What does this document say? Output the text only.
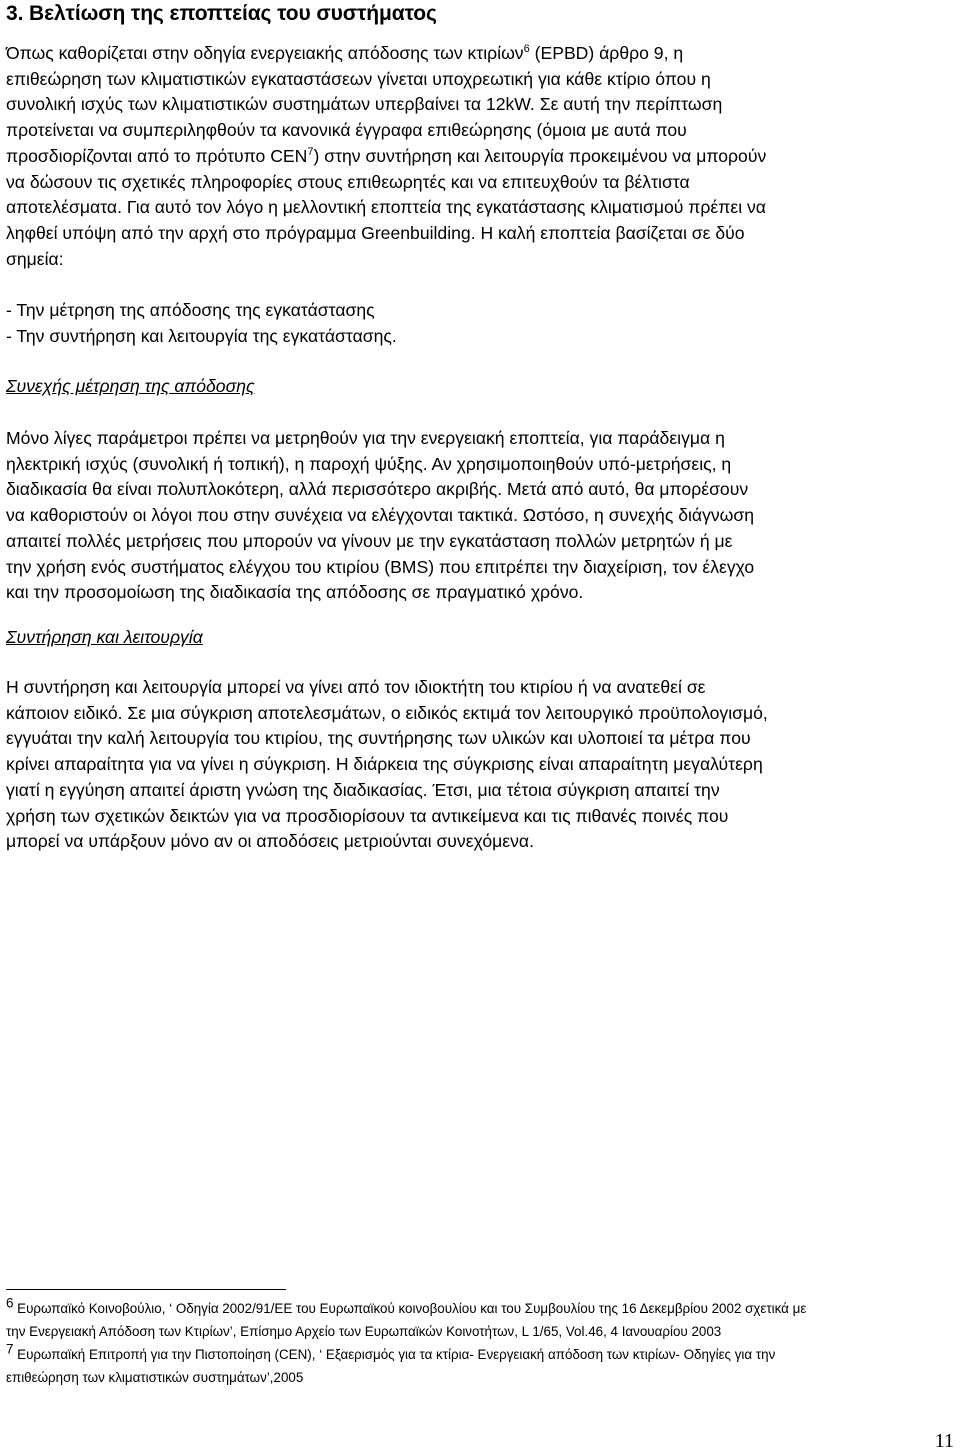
3. Βελτίωση της εποπτείας του συστήματος

Όπως καθορίζεται στην οδηγία ενεργειακής απόδοσης των κτιρίων$^6$ (EPBD) άρθρο 9, η
επιθεώρηση των κλιματιστικών εγκαταστάσεων γίνεται υποχρεωτική για κάθε κτίριο όπου η
συνολική ισχύς των κλιματιστικών συστημάτων υπερβαίνει τα 12kW. Σε αυτή την περίπτωση
προτείνεται να συμπεριληφθούν τα κανονικά έγγραφα επιθεώρησης (όμοια με αυτά που
προσδιορίζονται από το πρότυπο CEN$^7$) στην συντήρηση και λειτουργία προκειμένου να μπορούν
να δώσουν τις σχετικές πληροφορίες στους επιθεωρητές και να επιτευχθούν τα βέλτιστα
αποτελέσματα. Για αυτό τον λόγο η μελλοντική εποπτεία της εγκατάστασης κλιματισμού πρέπει να
ληφθεί υπόψη από την αρχή στο πρόγραμμα Greenbuilding. Η καλή εποπτεία βασίζεται σε δύο
σημεία:

- Την μέτρηση της απόδοσης της εγκατάστασης
- Την συντήρηση και λειτουργία της εγκατάστασης.

Συνεχής μέτρηση της απόδοσης

Μόνο λίγες παράμετροι πρέπει να μετρηθούν για την ενεργειακή εποπτεία, για παράδειγμα η
ηλεκτρική ισχύς (συνολική ή τοπική), η παροχή ψύξης. Αν χρησιμοποιηθούν υπό-μετρήσεις, η
διαδικασία θα είναι πολυπλοκότερη, αλλά περισσότερο ακριβής. Μετά από αυτό, θα μπορέσουν
να καθοριστούν οι λόγοι που στην συνέχεια να ελέγχονται τακτικά. Ωστόσο, η συνεχής διάγνωση
απαιτεί πολλές μετρήσεις που μπορούν να γίνουν με την εγκατάσταση πολλών μετρητών ή με
την χρήση ενός συστήματος ελέγχου του κτιρίου (BMS) που επιτρέπει την διαχείριση, τον έλεγχο
και την προσομοίωση της διαδικασία της απόδοσης σε πραγματικό χρόνο.

Συντήρηση και λειτουργία

Η συντήρηση και λειτουργία μπορεί να γίνει από τον ιδιοκτήτη του κτιρίου ή να ανατεθεί σε
κάποιον ειδικό. Σε μια σύγκριση αποτελεσμάτων, ο ειδικός εκτιμά τον λειτουργικό προϋπολογισμό,
εγγυάται την καλή λειτουργία του κτιρίου, της συντήρησης των υλικών και υλοποιεί τα μέτρα που
κρίνει απαραίτητα για να γίνει η σύγκριση. Η διάρκεια της σύγκρισης είναι απαραίτητη μεγαλύτερη
γιατί η εγγύηση απαιτεί άριστη γνώση της διαδικασίας. Έτσι, μια τέτοια σύγκριση απαιτεί την
χρήση των σχετικών δεικτών για να προσδιορίσουν τα αντικείμενα και τις πιθανές ποινές που
μπορεί να υπάρξουν μόνο αν οι αποδόσεις μετριούνται συνεχόμενα.

6 Ευρωπαϊκό Κοινοβούλιο, ‘ Οδηγία 2002/91/ΕΕ του Ευρωπαϊκού κοινοβουλίου και του Συμβουλίου της 16 Δεκεμβρίου 2002 σχετικά με
την Ενεργειακή Απόδοση των Κτιρίων’, Επίσημο Αρχείο των Ευρωπαϊκών Κοινοτήτων, L 1/65, Vol.46, 4 Ιανουαρίου 2003

7 Ευρωπαϊκή Επιτροπή για την Πιστοποίηση (CEN), ‘ Εξαερισμός για τα κτίρια- Ενεργειακή απόδοση των κτιρίων- Οδηγίες για την
επιθεώρηση των κλιματιστικών συστημάτων’,2005

11
